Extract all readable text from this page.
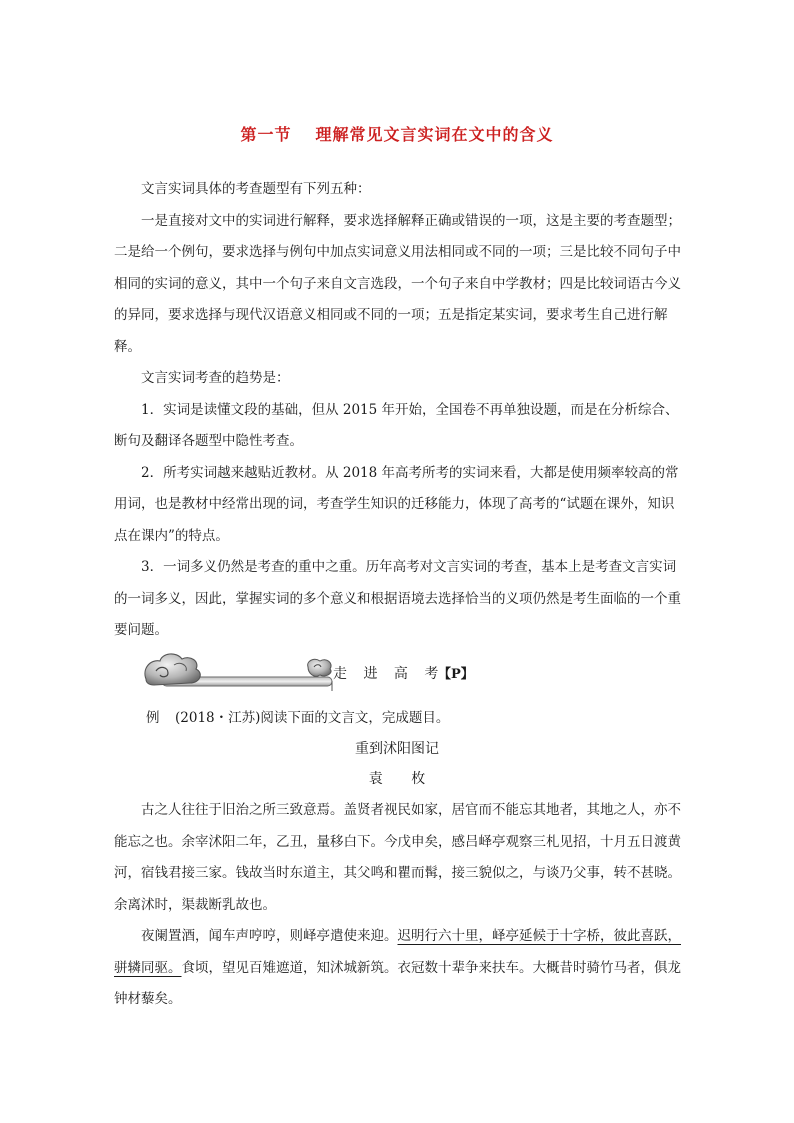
第一节 理解常见文言实词在文中的含义

文言实词具体的考查题型有下列五种：

一是直接对文中的实词进行解释，要求选择解释正确或错误的一项，这是主要的考查题型；二是给一个例句，要求选择与例句中加点实词意义用法相同或不同的一项；三是比较不同句子中相同的实词的意义，其中一个句子来自文言选段，一个句子来自中学教材；四是比较词语古今义的异同，要求选择与现代汉语意义相同或不同的一项；五是指定某实词，要求考生自己进行解释。

文言实词考查的趋势是：

1．实词是读懂文段的基础，但从 2015 年开始，全国卷不再单独设题，而是在分析综合、断句及翻译各题型中隐性考查。

2．所考实词越来越贴近教材。从 2018 年高考所考的实词来看，大都是使用频率较高的常用词，也是教材中经常出现的词，考查学生知识的迁移能力，体现了高考的“试题在课外，知识点在课内”的特点。

3．一词多义仍然是考查的重中之重。历年高考对文言实词的考查，基本上是考查文言实词的一词多义，因此，掌握实词的多个意义和根据语境去选择恰当的义项仍然是考生面临的一个重要问题。

走 进 高 考
【P】
例 (2018・江苏)阅读下面的文言文，完成题目。
重到沭阳图记
袁 枚

古之人往往于旧治之所三致意焉。盖贤者视民如家，居官而不能忘其地者，其地之人，亦不能忘之也。余宰沭阳二年，乙丑，量移白下。今戊申矣，感吕峄亭观察三札见招，十月五日渡黄河，宿钱君接三家。钱故当时东道主，其父鸣和瞿而髯，接三貌似之，与谈乃父事，转不甚晓。余离沭时，渠裁断乳故也。

夜阑置酒，闻车声哼哼，则峄亭遣使来迎。迟明行六十里，峄亭延候于十字桥，彼此喜跃，骈辚同驱。食顷，望见百雉遮道，知沭城新筑。衣冠数十辈争来扶车。大概昔时骑竹马者，俱龙钟材藜矣。
